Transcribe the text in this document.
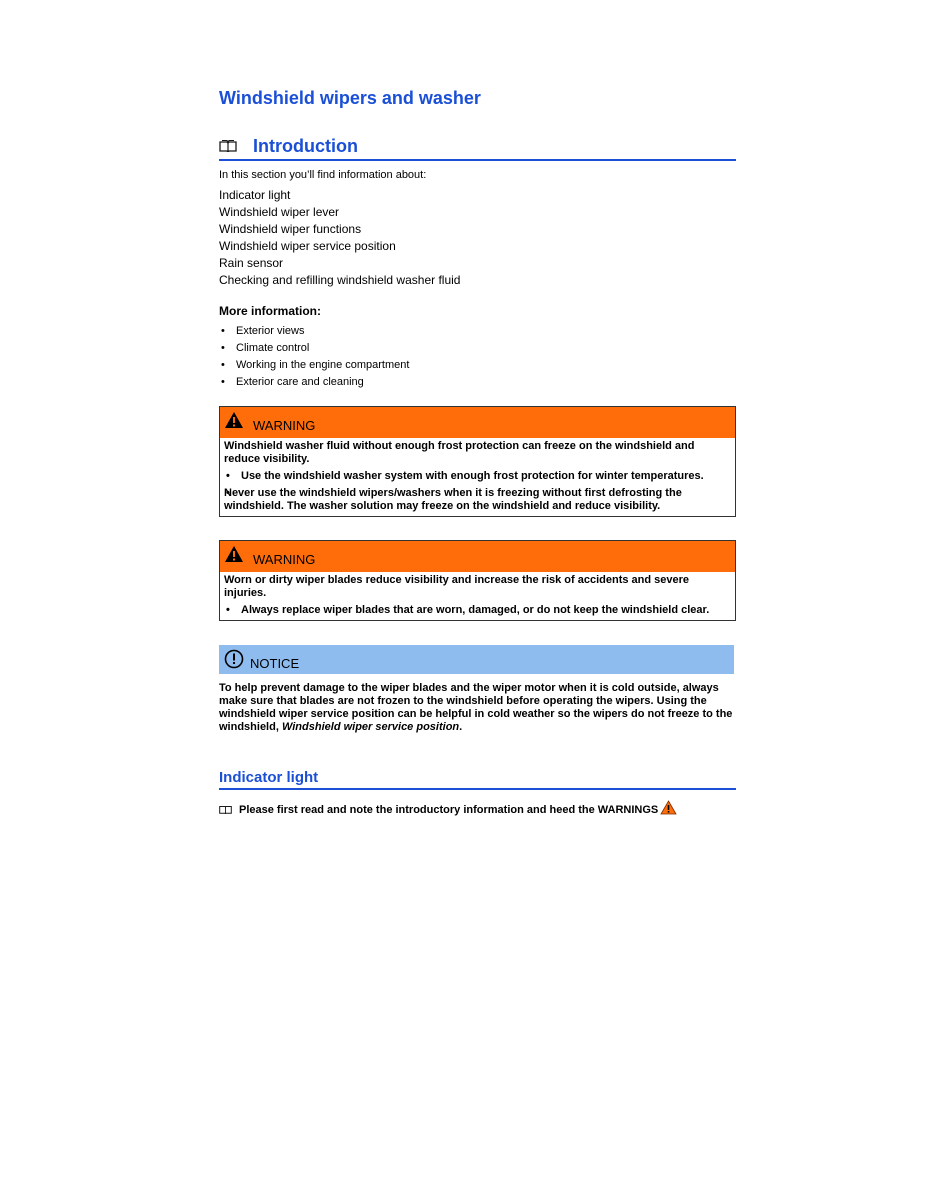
Windshield wipers and washer
Introduction
In this section you’ll find information about:
Indicator light
Windshield wiper lever
Windshield wiper functions
Windshield wiper service position
Rain sensor
Checking and refilling windshield washer fluid
More information:
• Exterior views
• Climate control
• Working in the engine compartment
• Exterior care and cleaning
WARNING

Windshield washer fluid without enough frost protection can freeze on the windshield and reduce visibility.

• Use the windshield washer system with enough frost protection for winter temperatures.
• Never use the windshield wipers/washers when it is freezing without first defrosting the windshield. The washer solution may freeze on the windshield and reduce visibility.
WARNING

Worn or dirty wiper blades reduce visibility and increase the risk of accidents and severe injuries.

• Always replace wiper blades that are worn, damaged, or do not keep the windshield clear.
NOTICE
To help prevent damage to the wiper blades and the wiper motor when it is cold outside, always make sure that blades are not frozen to the windshield before operating the wipers. Using the windshield wiper service position can be helpful in cold weather so the wipers do not freeze to the windshield, Windshield wiper service position.
Indicator light
Please first read and note the introductory information and heed the WARNINGS
